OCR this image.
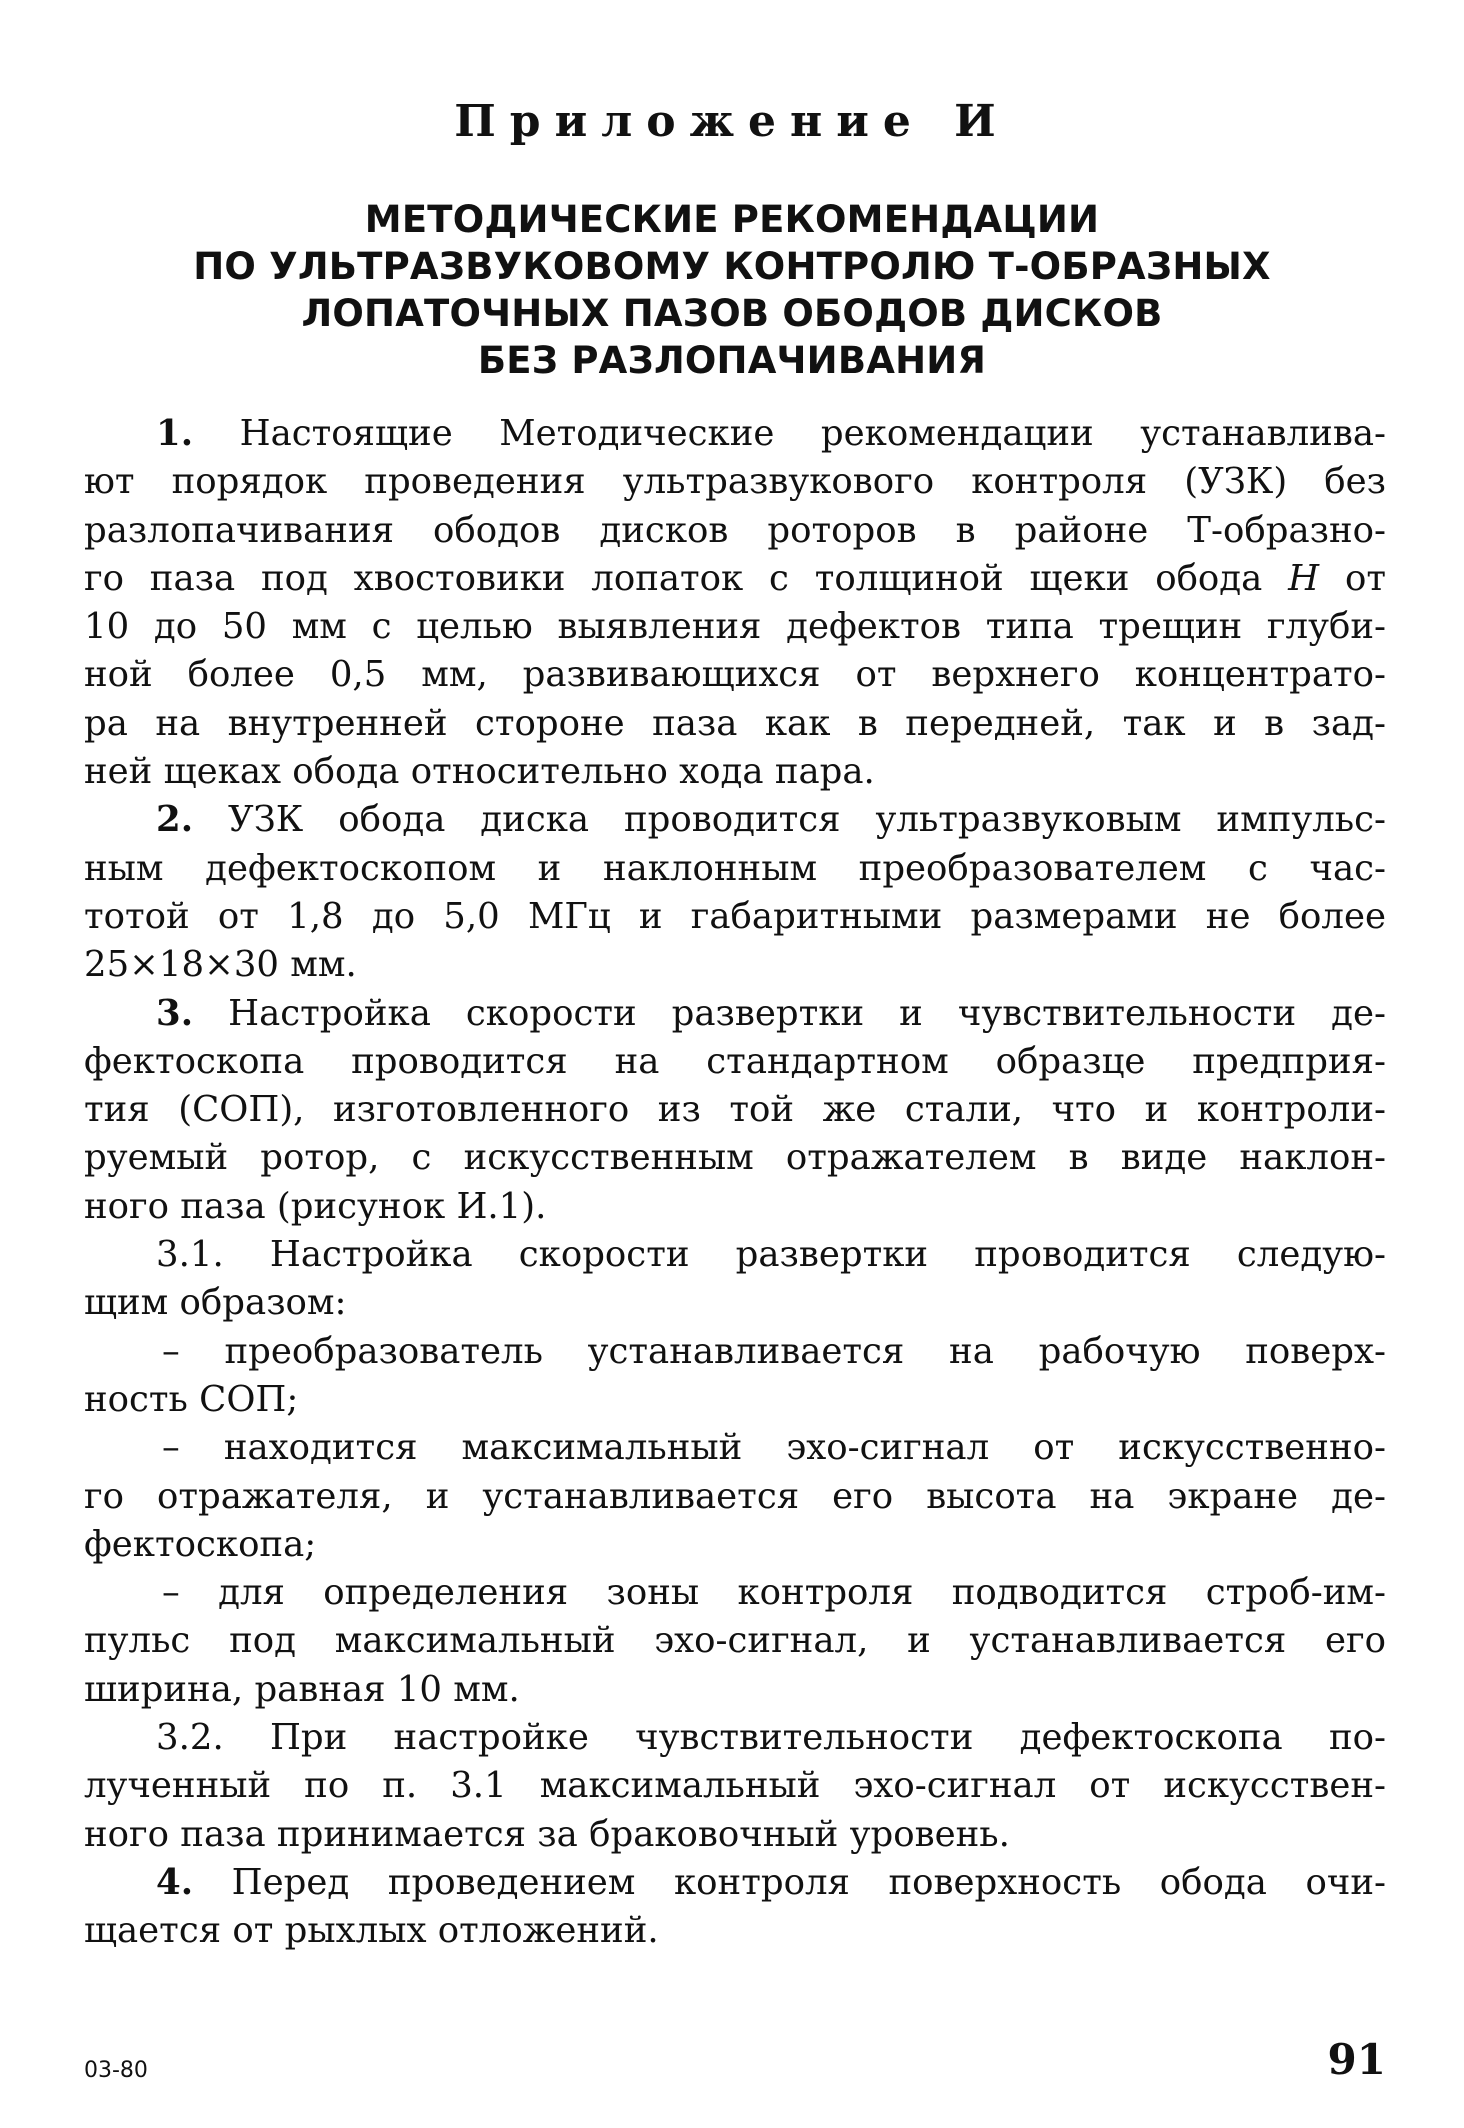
Приложение И
МЕТОДИЧЕСКИЕ РЕКОМЕНДАЦИИ
ПО УЛЬТРАЗВУКОВОМУ КОНТРОЛЮ Т-ОБРАЗНЫХ
ЛОПАТОЧНЫХ ПАЗОВ ОБОДОВ ДИСКОВ
БЕЗ РАЗЛОПАЧИВАНИЯ
1. Настоящие Методические рекомендации устанавлива-
ют порядок проведения ультразвукового контроля (УЗК) без
разлопачивания ободов дисков роторов в районе Т-образно-
го паза под хвостовики лопаток с толщиной щеки обода H от
10 до 50 мм с целью выявления дефектов типа трещин глуби-
ной более 0,5 мм, развивающихся от верхнего концентрато-
ра на внутренней стороне паза как в передней, так и в зад-
ней щеках обода относительно хода пара.
2. УЗК обода диска проводится ультразвуковым импульс-
ным дефектоскопом и наклонным преобразователем с час-
тотой от 1,8 до 5,0 МГц и габаритными размерами не более
25×18×30 мм.
3. Настройка скорости развертки и чувствительности де-
фектоскопа проводится на стандартном образце предприя-
тия (СОП), изготовленного из той же стали, что и контроли-
руемый ротор, с искусственным отражателем в виде наклон-
ного паза (рисунок И.1).
3.1. Настройка скорости развертки проводится следую-
щим образом:
– преобразователь устанавливается на рабочую поверх-
ность СОП;
– находится максимальный эхо-сигнал от искусственно-
го отражателя, и устанавливается его высота на экране де-
фектоскопа;
– для определения зоны контроля подводится строб-им-
пульс под максимальный эхо-сигнал, и устанавливается его
ширина, равная 10 мм.
3.2. При настройке чувствительности дефектоскопа по-
лученный по п. 3.1 максимальный эхо-сигнал от искусствен-
ного паза принимается за браковочный уровень.
4. Перед проведением контроля поверхность обода очи-
щается от рыхлых отложений.
03-80	91
